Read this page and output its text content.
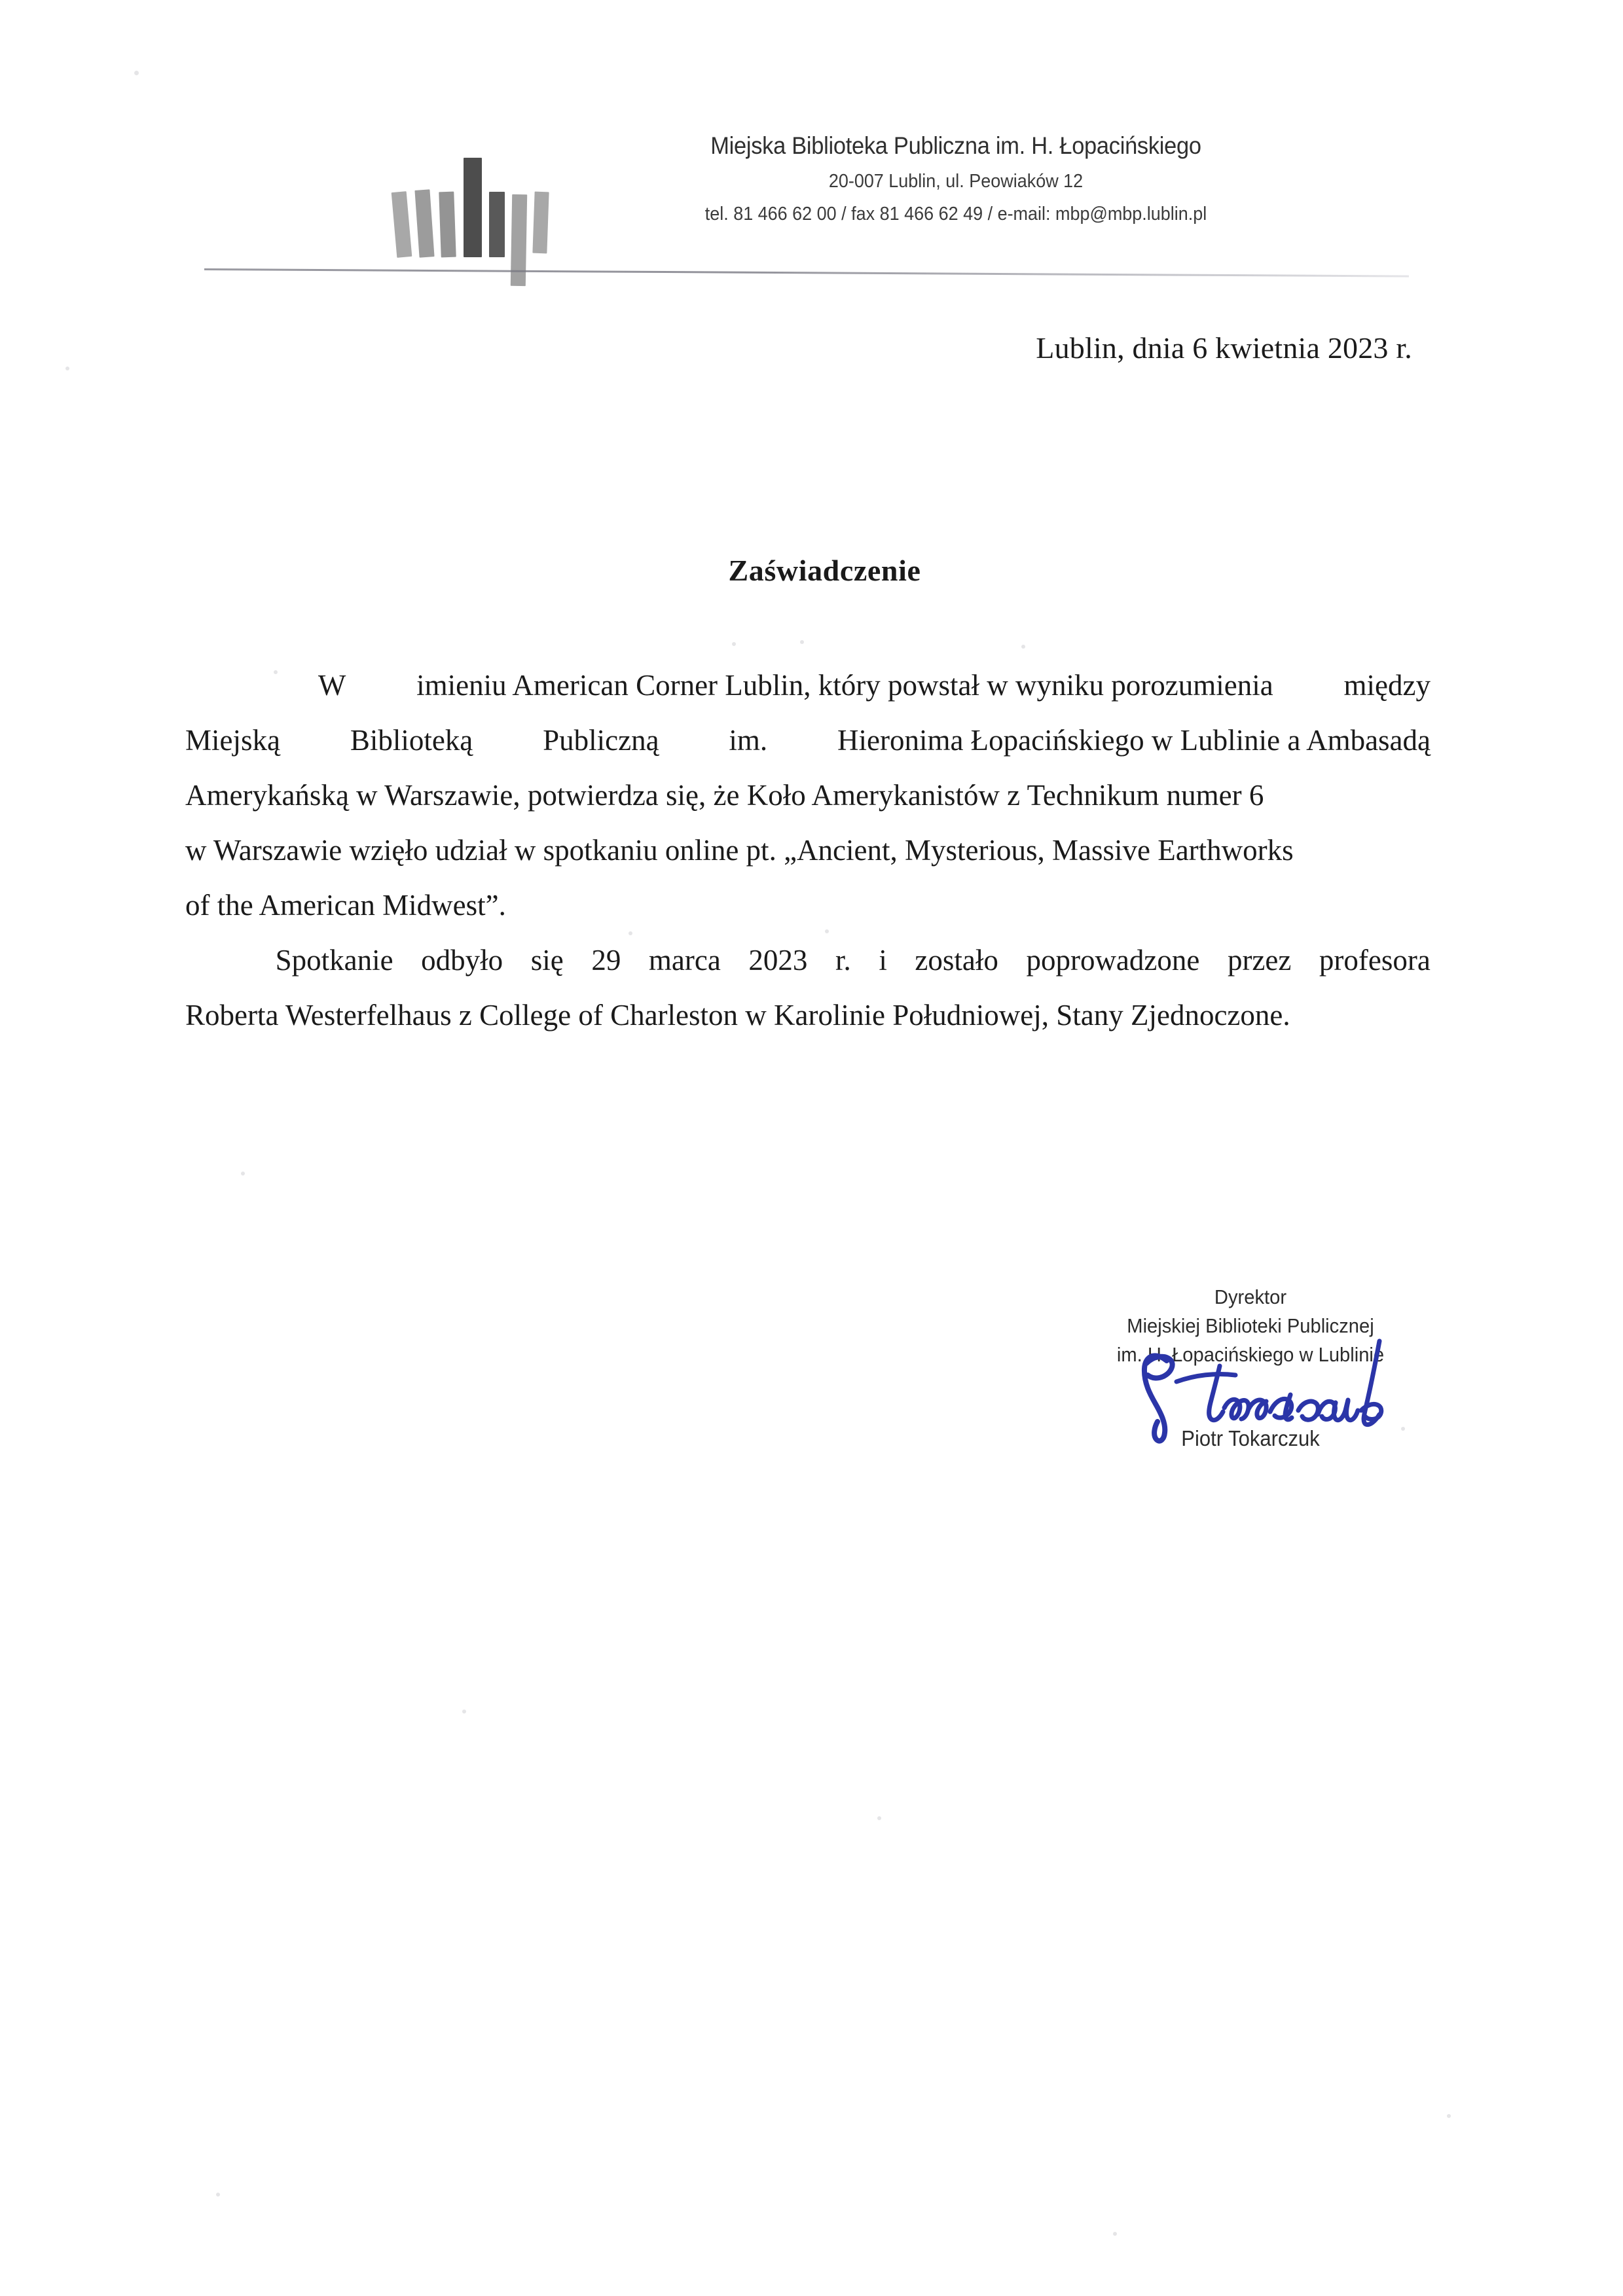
Miejska Biblioteka Publiczna im. H. Łopacińskiego
20-007 Lublin, ul. Peowiaków 12
tel. 81 466 62 00 / fax 81 466 62 49 / e-mail: mbp@mbp.lublin.pl
Lublin, dnia 6 kwietnia 2023 r.
Zaświadczenie
W imieniu American Corner Lublin, który powstał w wyniku porozumienia między
Miejską Biblioteką Publiczną im. Hieronima Łopacińskiego w Lublinie a Ambasadą
Amerykańską w Warszawie, potwierdza się, że Koło Amerykanistów z Technikum numer 6
w Warszawie wzięło udział w spotkaniu online pt. „Ancient, Mysterious, Massive Earthworks
of the American Midwest”.
Spotkanie odbyło się 29 marca 2023 r. i zostało poprowadzone przez profesora
Roberta Westerfelhaus z College of Charleston w Karolinie Południowej, Stany Zjednoczone.
Dyrektor
Miejskiej Biblioteki Publicznej
im. H. Łopacińskiego w Lublinie
Piotr Tokarczuk
